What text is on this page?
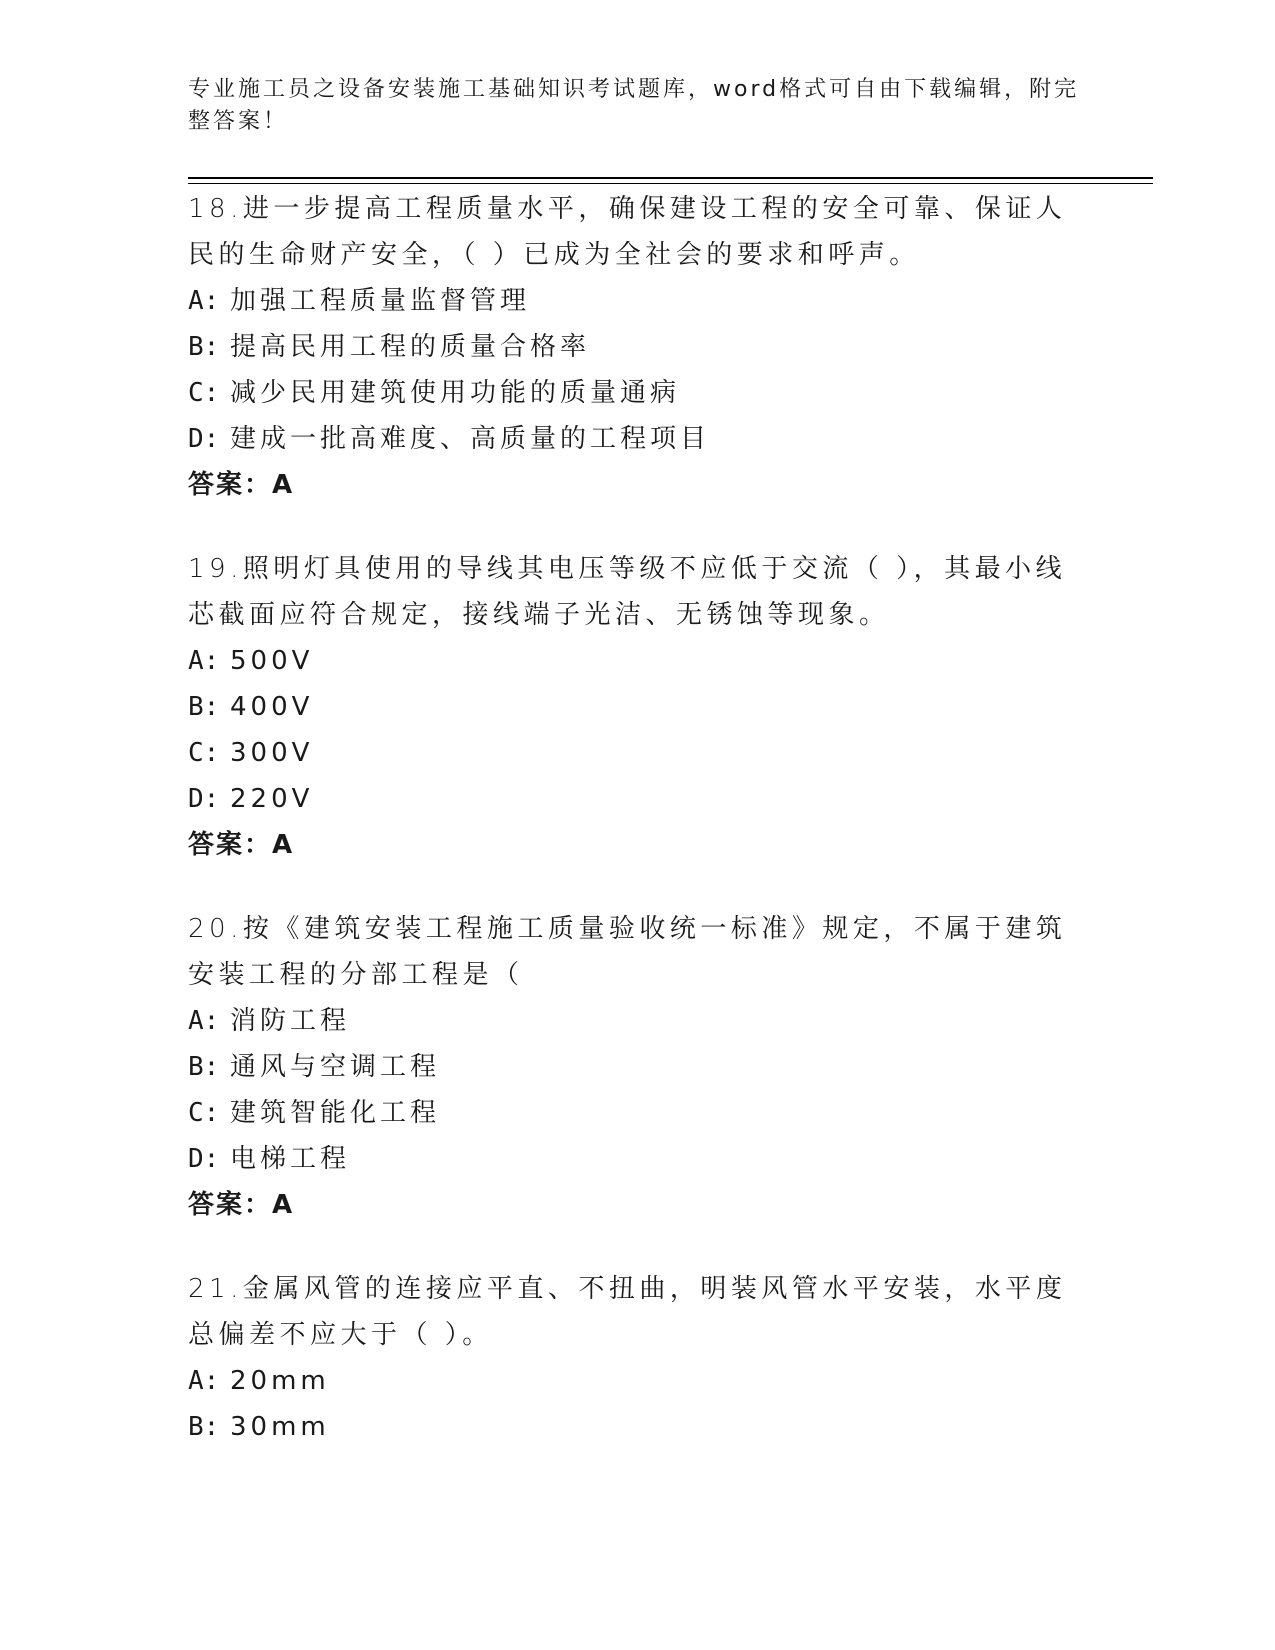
专业施工员之设备安装施工基础知识考试题库，word格式可自由下载编辑，附完整答案！

18.进一步提高工程质量水平，确保建设工程的安全可靠、保证人民的生命财产安全，（ ）已成为全社会的要求和呼声。

A: 加强工程质量监督管理

B: 提高民用工程的质量合格率

C: 减少民用建筑使用功能的质量通病

D: 建成一批高难度、高质量的工程项目

答案：A

19.照明灯具使用的导线其电压等级不应低于交流（ ），其最小线芯截面应符合规定，接线端子光洁、无锈蚀等现象。

A: 500V

B: 400V

C: 300V

D: 220V

答案：A

20.按《建筑安装工程施工质量验收统一标准》规定，不属于建筑安装工程的分部工程是（

A: 消防工程

B: 通风与空调工程

C: 建筑智能化工程

D: 电梯工程

答案：A

21.金属风管的连接应平直、不扭曲，明装风管水平安装，水平度总偏差不应大于（ ）。

A: 20mm

B: 30mm
